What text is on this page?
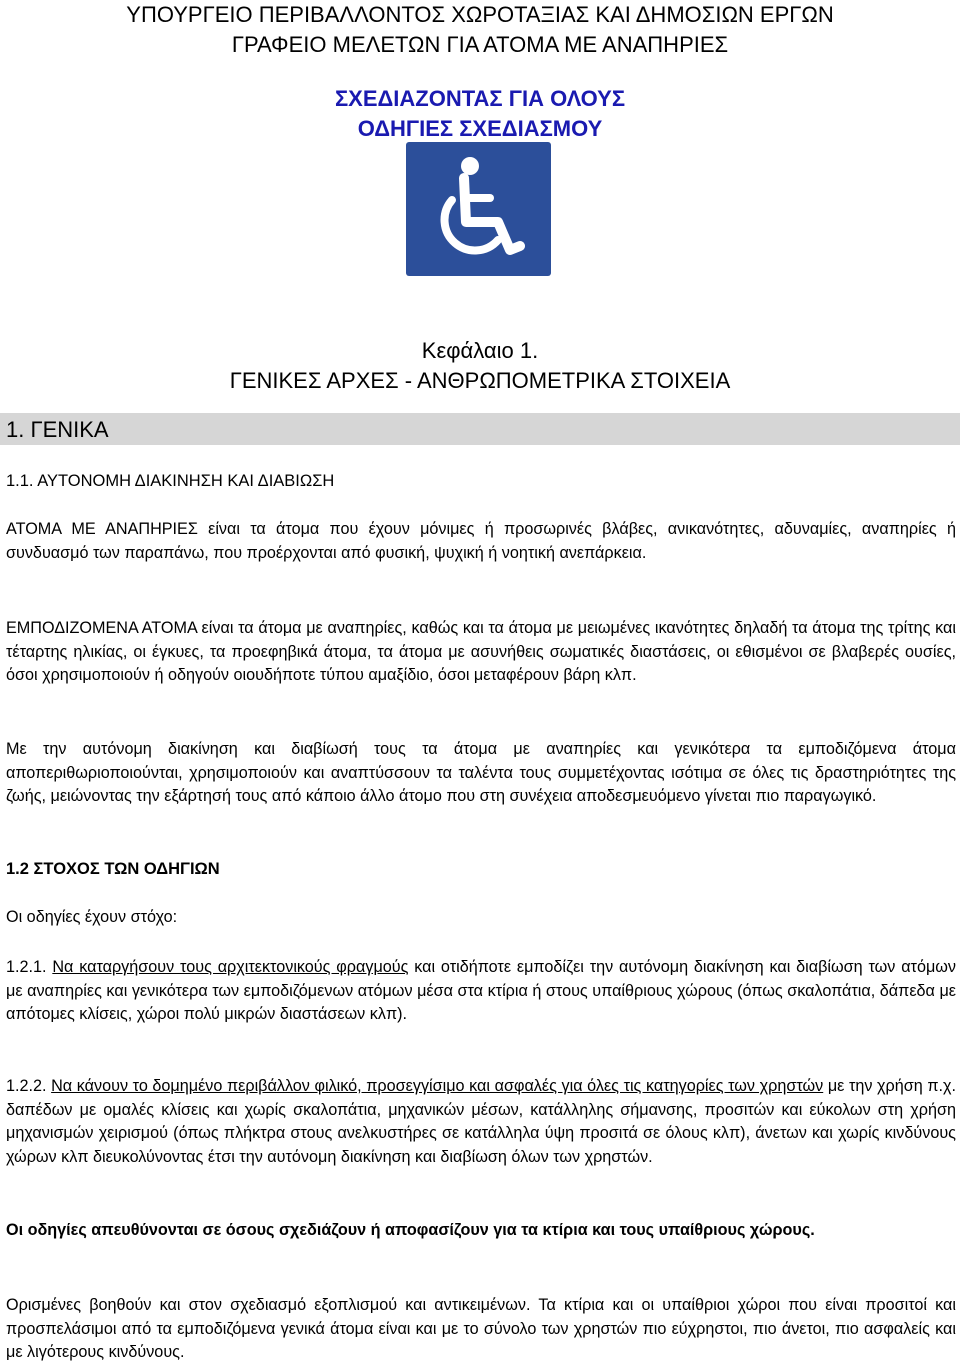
ΥΠΟΥΡΓΕΙΟ ΠΕΡΙΒΑΛΛΟΝΤΟΣ ΧΩΡΟΤΑΞΙΑΣ ΚΑΙ ΔΗΜΟΣΙΩΝ ΕΡΓΩΝ
ΓΡΑΦΕΙΟ ΜΕΛΕΤΩΝ ΓΙΑ ΑΤΟΜΑ ΜΕ ΑΝΑΠΗΡΙΕΣ
ΣΧΕΔΙΑΖΟΝΤΑΣ ΓΙΑ ΟΛΟΥΣ
ΟΔΗΓΙΕΣ ΣΧΕΔΙΑΣΜΟΥ
Κεφάλαιο 1.
ΓΕΝΙΚΕΣ ΑΡΧΕΣ - ΑΝΘΡΩΠΟΜΕΤΡΙΚΑ ΣΤΟΙΧΕΙΑ
1. ΓΕΝΙΚΑ
1.1. ΑΥΤΟΝΟΜΗ ΔΙΑΚΙΝΗΣΗ ΚΑΙ ΔΙΑΒΙΩΣΗ
ΑΤΟΜΑ ΜΕ ΑΝΑΠΗΡΙΕΣ είναι τα άτομα που έχουν μόνιμες ή προσωρινές βλάβες, ανικανότητες, αδυναμίες, αναπηρίες ή συνδυασμό των παραπάνω, που προέρχονται από φυσική, ψυχική ή νοητική ανεπάρκεια.
ΕΜΠΟΔΙΖΟΜΕΝΑ ΑΤΟΜΑ είναι τα άτομα με αναπηρίες, καθώς και τα άτομα με μειωμένες ικανότητες δηλαδή τα άτομα της τρίτης και τέταρτης ηλικίας, οι έγκυες, τα προεφηβικά άτομα, τα άτομα με ασυνήθεις σωματικές διαστάσεις, οι εθισμένοι σε βλαβερές ουσίες, όσοι χρησιμοποιούν ή οδηγούν οιουδήποτε τύπου αμαξίδιο, όσοι μεταφέρουν βάρη κλπ.
Με την αυτόνομη διακίνηση και διαβίωσή τους τα άτομα με αναπηρίες και γενικότερα τα εμποδιζόμενα άτομα αποπεριθωριοποιούνται, χρησιμοποιούν και αναπτύσσουν τα ταλέντα τους συμμετέχοντας ισότιμα σε όλες τις δραστηριότητες της ζωής, μειώνοντας την εξάρτησή τους από κάποιο άλλο άτομο που στη συνέχεια αποδεσμευόμενο γίνεται πιο παραγωγικό.
1.2 ΣΤΟΧΟΣ ΤΩΝ ΟΔΗΓΙΩΝ
Οι οδηγίες έχουν στόχο:
1.2.1. Να καταργήσουν τους αρχιτεκτονικούς φραγμούς και οτιδήποτε εμποδίζει την αυτόνομη διακίνηση και διαβίωση των ατόμων με αναπηρίες και γενικότερα των εμποδιζόμενων ατόμων μέσα στα κτίρια ή στους υπαίθριους χώρους (όπως σκαλοπάτια, δάπεδα με απότομες κλίσεις, χώροι πολύ μικρών διαστάσεων κλπ).
1.2.2. Να κάνουν το δομημένο περιβάλλον φιλικό, προσεγγίσιμο και ασφαλές για όλες τις κατηγορίες των χρηστών με την χρήση π.χ. δαπέδων με ομαλές κλίσεις και χωρίς σκαλοπάτια, μηχανικών μέσων, κατάλληλης σήμανσης, προσιτών και εύκολων στη χρήση μηχανισμών χειρισμού (όπως πλήκτρα στους ανελκυστήρες σε κατάλληλα ύψη προσιτά σε όλους κλπ), άνετων και χωρίς κινδύνους χώρων κλπ διευκολύνοντας έτσι την αυτόνομη διακίνηση και διαβίωση όλων των χρηστών.
Οι οδηγίες απευθύνονται σε όσους σχεδιάζουν ή αποφασίζουν για τα κτίρια και τους υπαίθριους χώρους.
Ορισμένες βοηθούν και στον σχεδιασμό εξοπλισμού και αντικειμένων. Τα κτίρια και οι υπαίθριοι χώροι που είναι προσιτοί και προσπελάσιμοι από τα εμποδιζόμενα γενικά άτομα είναι και με το σύνολο των χρηστών πιο εύχρηστοι, πιο άνετοι, πιο ασφαλείς και με λιγότερους κινδύνους.
